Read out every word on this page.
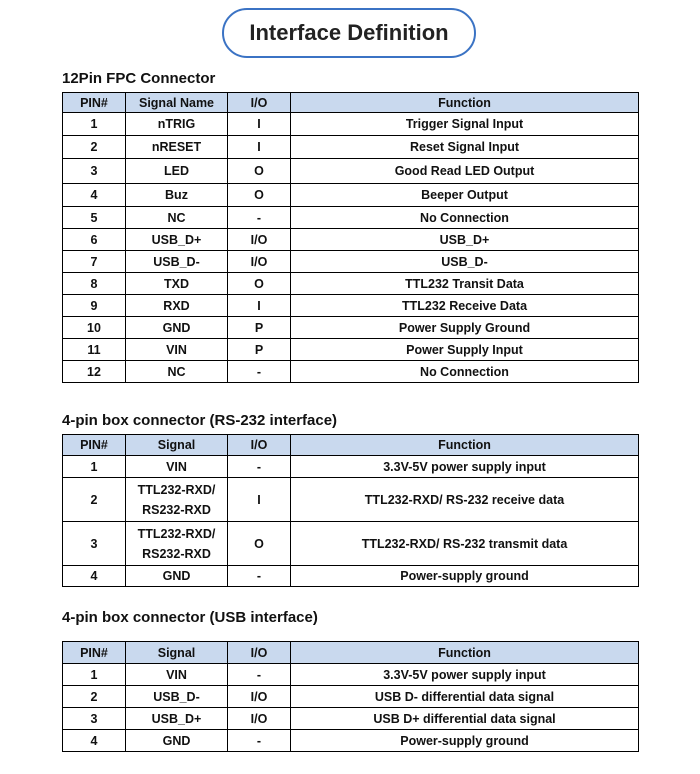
Interface Definition
12Pin FPC Connector
PIN#	Signal Name	I/O	Function
1	nTRIG	I	Trigger Signal Input
2	nRESET	I	Reset Signal Input
3	LED	O	Good Read LED Output
4	Buz	O	Beeper Output
5	NC	-	No Connection
6	USB_D+	I/O	USB_D+
7	USB_D-	I/O	USB_D-
8	TXD	O	TTL232 Transit Data
9	RXD	I	TTL232 Receive Data
10	GND	P	Power Supply Ground
11	VIN	P	Power Supply Input
12	NC	-	No Connection
4-pin box connector (RS-232 interface)
PIN#	Signal	I/O	Function
1	VIN	-	3.3V-5V power supply input
2	TTL232-RXD/
RS232-RXD	I	TTL232-RXD/ RS-232 receive data
3	TTL232-RXD/
RS232-RXD	O	TTL232-RXD/ RS-232 transmit data
4	GND	-	Power-supply ground
4-pin box connector (USB interface)
PIN#	Signal	I/O	Function
1	VIN	-	3.3V-5V power supply input
2	USB_D-	I/O	USB D- differential data signal
3	USB_D+	I/O	USB D+ differential data signal
4	GND	-	Power-supply ground
